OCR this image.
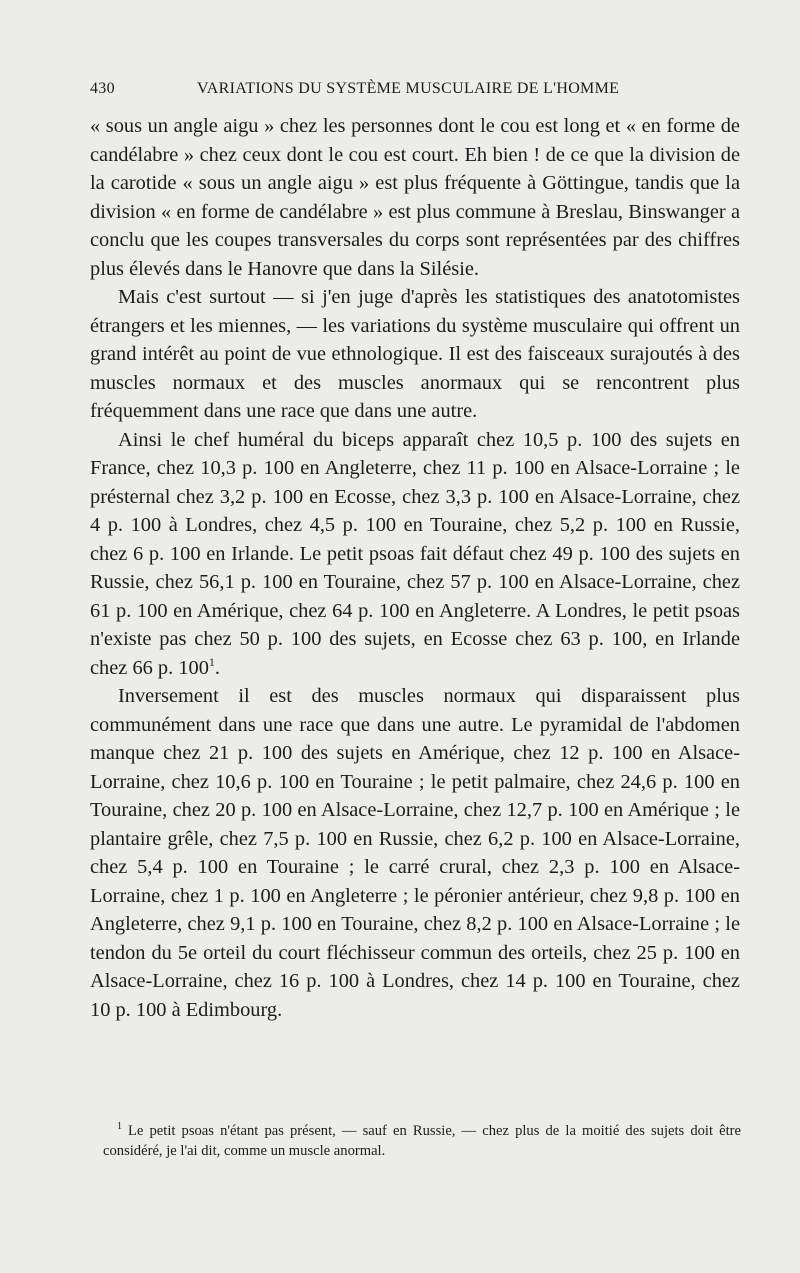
430	VARIATIONS DU SYSTÈME MUSCULAIRE DE L'HOMME

« sous un angle aigu » chez les personnes dont le cou est long et « en forme de candélabre » chez ceux dont le cou est court. Eh bien ! de ce que la division de la carotide « sous un angle aigu » est plus fréquente à Göttingue, tandis que la division « en forme de candélabre » est plus commune à Breslau, Binswanger a conclu que les coupes transversales du corps sont représentées par des chiffres plus élevés dans le Hanovre que dans la Silésie.

Mais c'est surtout — si j'en juge d'après les statistiques des anatotomistes étrangers et les miennes, — les variations du système musculaire qui offrent un grand intérêt au point de vue ethnologique. Il est des faisceaux surajoutés à des muscles normaux et des muscles anormaux qui se rencontrent plus fréquemment dans une race que dans une autre.

Ainsi le chef huméral du biceps apparaît chez 10,5 p. 100 des sujets en France, chez 10,3 p. 100 en Angleterre, chez 11 p. 100 en Alsace-Lorraine ; le présternal chez 3,2 p. 100 en Ecosse, chez 3,3 p. 100 en Alsace-Lorraine, chez 4 p. 100 à Londres, chez 4,5 p. 100 en Touraine, chez 5,2 p. 100 en Russie, chez 6 p. 100 en Irlande. Le petit psoas fait défaut chez 49 p. 100 des sujets en Russie, chez 56,1 p. 100 en Touraine, chez 57 p. 100 en Alsace-Lorraine, chez 61 p. 100 en Amérique, chez 64 p. 100 en Angleterre. A Londres, le petit psoas n'existe pas chez 50 p. 100 des sujets, en Ecosse chez 63 p. 100, en Irlande chez 66 p. 100$^1$.

Inversement il est des muscles normaux qui disparaissent plus communément dans une race que dans une autre. Le pyramidal de l'abdomen manque chez 21 p. 100 des sujets en Amérique, chez 12 p. 100 en Alsace-Lorraine, chez 10,6 p. 100 en Touraine ; le petit palmaire, chez 24,6 p. 100 en Touraine, chez 20 p. 100 en Alsace-Lorraine, chez 12,7 p. 100 en Amérique ; le plantaire grêle, chez 7,5 p. 100 en Russie, chez 6,2 p. 100 en Alsace-Lorraine, chez 5,4 p. 100 en Touraine ; le carré crural, chez 2,3 p. 100 en Alsace-Lorraine, chez 1 p. 100 en Angleterre ; le péronier antérieur, chez 9,8 p. 100 en Angleterre, chez 9,1 p. 100 en Touraine, chez 8,2 p. 100 en Alsace-Lorraine ; le tendon du 5e orteil du court fléchisseur commun des orteils, chez 25 p. 100 en Alsace-Lorraine, chez 16 p. 100 à Londres, chez 14 p. 100 en Touraine, chez 10 p. 100 à Edimbourg.

$^1$ Le petit psoas n'étant pas présent, — sauf en Russie, — chez plus de la moitié des sujets doit être considéré, je l'ai dit, comme un muscle anormal.
